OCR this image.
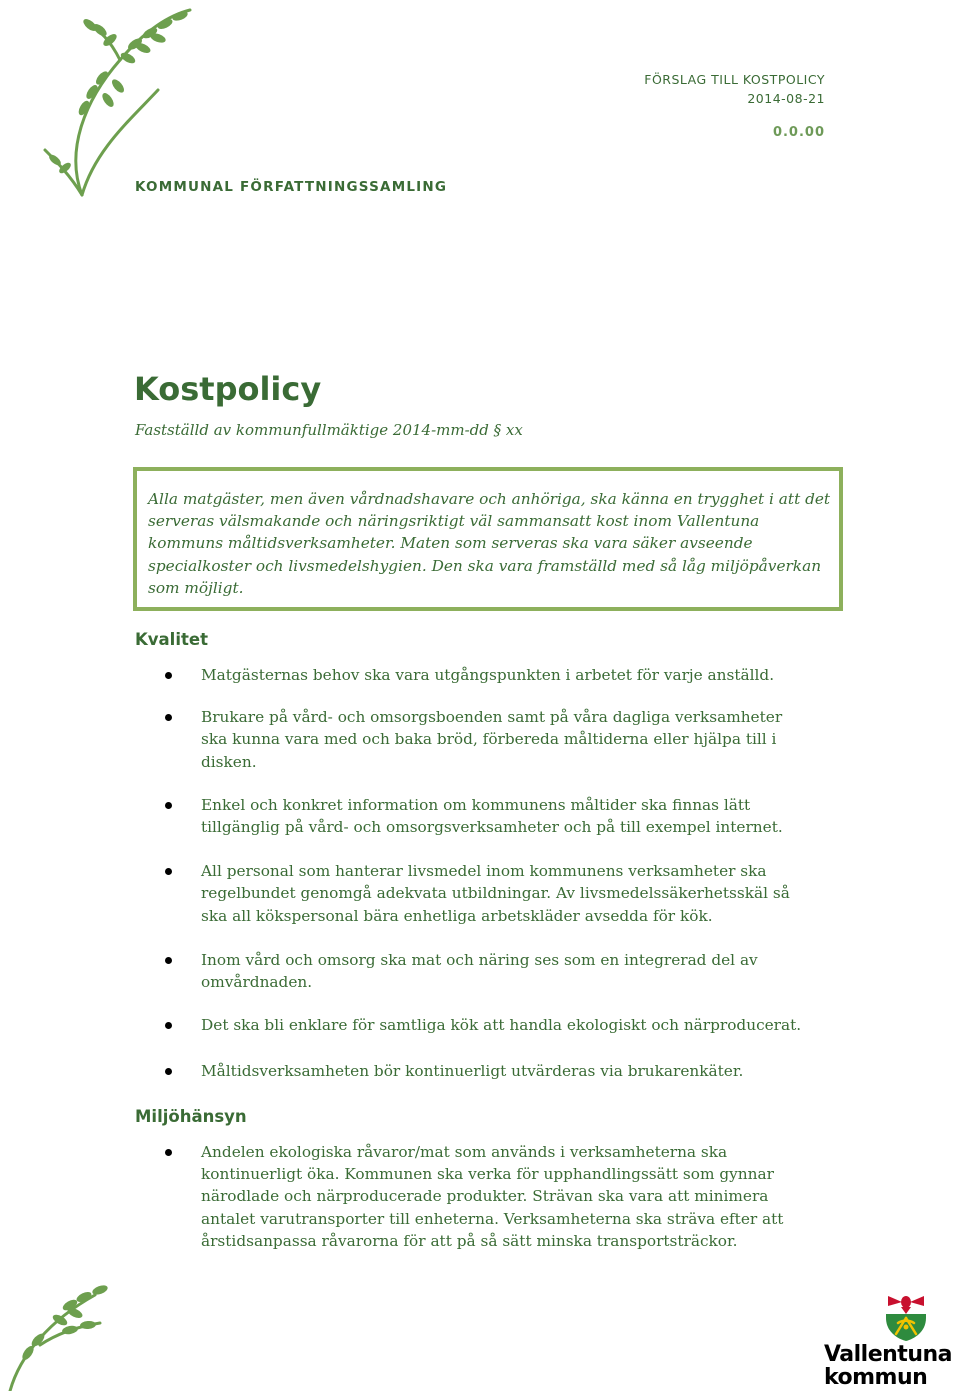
FÖRSLAG TILL KOSTPOLICY
2014-08-21
0.0.00
KOMMUNAL FÖRFATTNINGSSAMLING
Kostpolicy
Fastställd av kommunfullmäktige 2014-mm-dd § xx
Alla matgäster, men även vårdnadshavare och anhöriga, ska känna en trygghet i att det serveras välsmakande och näringsriktigt väl sammansatt kost inom Vallentuna kommuns måltidsverksamheter. Maten som serveras ska vara säker avseende specialkoster och livsmedelshygien. Den ska vara framställd med så låg miljöpåverkan som möjligt.
Kvalitet
Matgästernas behov ska vara utgångspunkten i arbetet för varje anställd.
Brukare på vård- och omsorgsboenden samt på våra dagliga verksamheter ska kunna vara med och baka bröd, förbereda måltiderna eller hjälpa till i disken.
Enkel och konkret information om kommunens måltider ska finnas lätt tillgänglig på vård- och omsorgsverksamheter och på till exempel internet.
All personal som hanterar livsmedel inom kommunens verksamheter ska regelbundet genomgå adekvata utbildningar. Av livsmedelssäkerhetsskäl så ska all kökspersonal bära enhetliga arbetskläder avsedda för kök.
Inom vård och omsorg ska mat och näring ses som en integrerad del av omvårdnaden.
Det ska bli enklare för samtliga kök att handla ekologiskt och närproducerat.
Måltidsverksamheten bör kontinuerligt utvärderas via brukarenkäter.
Miljöhänsyn
Andelen ekologiska råvaror/mat som används i verksamheterna ska kontinuerligt öka. Kommunen ska verka för upphandlingssätt som gynnar närodlade och närproducerade produkter. Strävan ska vara att minimera antalet varutransporter till enheterna. Verksamheterna ska sträva efter att årstidsanpassa råvarorna för att på så sätt minska transportsträckor.
Vallentuna
kommun
